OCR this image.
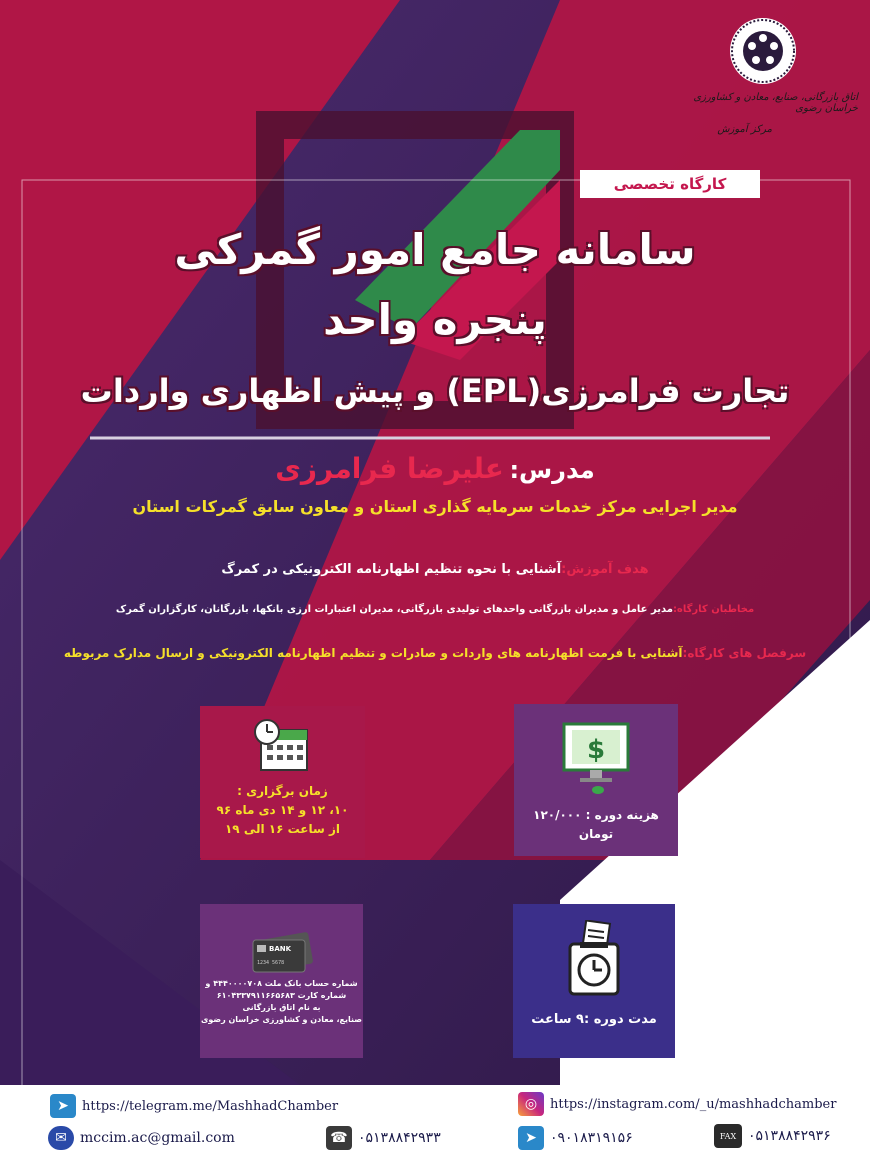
اتاق بازرگانی، صنایع، معادن و کشاورزی خراسان رضوی
مرکز آموزش
کارگاه تخصصی
سامانه جامع امور گمرکی
پنجره واحد
تجارت فرامرزی(EPL) و پیش اظهاری واردات
مدرس: علیرضا فرامرزی
مدیر اجرایی مرکز خدمات سرمایه گذاری استان و معاون سابق گمرکات استان
هدف آموزش:آشنایی با نحوه تنظیم اظهارنامه الکترونیکی در کمرگ
مخاطبان کارگاه:مدیر عامل و مدیران بازرگانی واحدهای تولیدی بازرگانی، مدیران اعتبارات ارزی بانکها، بازرگانان، کارگزاران گمرک
سرفصل های کارگاه:آشنایی با فرمت اظهارنامه های واردات و صادرات و تنظیم اظهارنامه الکترونیکی و ارسال مدارک مربوطه
زمان برگزاری :
۱۰، ۱۲ و ۱۴ دی ماه ۹۶
از ساعت ۱۶ الی ۱۹
$
هزینه دوره : ۱۲۰/۰۰۰ تومان
BANK
1234 5678
شماره حساب بانک ملت ۴۴۴۰۰۰۰۷۰۸ و
شماره کارت ۶۱۰۴۳۳۷۹۱۱۶۶۵۶۸۳
به نام اتاق بازرگانی
صنایع، معادن و کشاورزی خراسان رضوی	مدت دوره :۹ ساعت
➤	https://telegram.me/MashhadChamber	◎ https://instagram.com/_u/mashhadchamber
✉ mccim.ac@gmail.com	☎ ۰۵۱۳۸۸۴۲۹۳۳	➤ ۰۹۰۱۸۳۱۹۱۵۶	FAX ۰۵۱۳۸۸۴۲۹۳۶
